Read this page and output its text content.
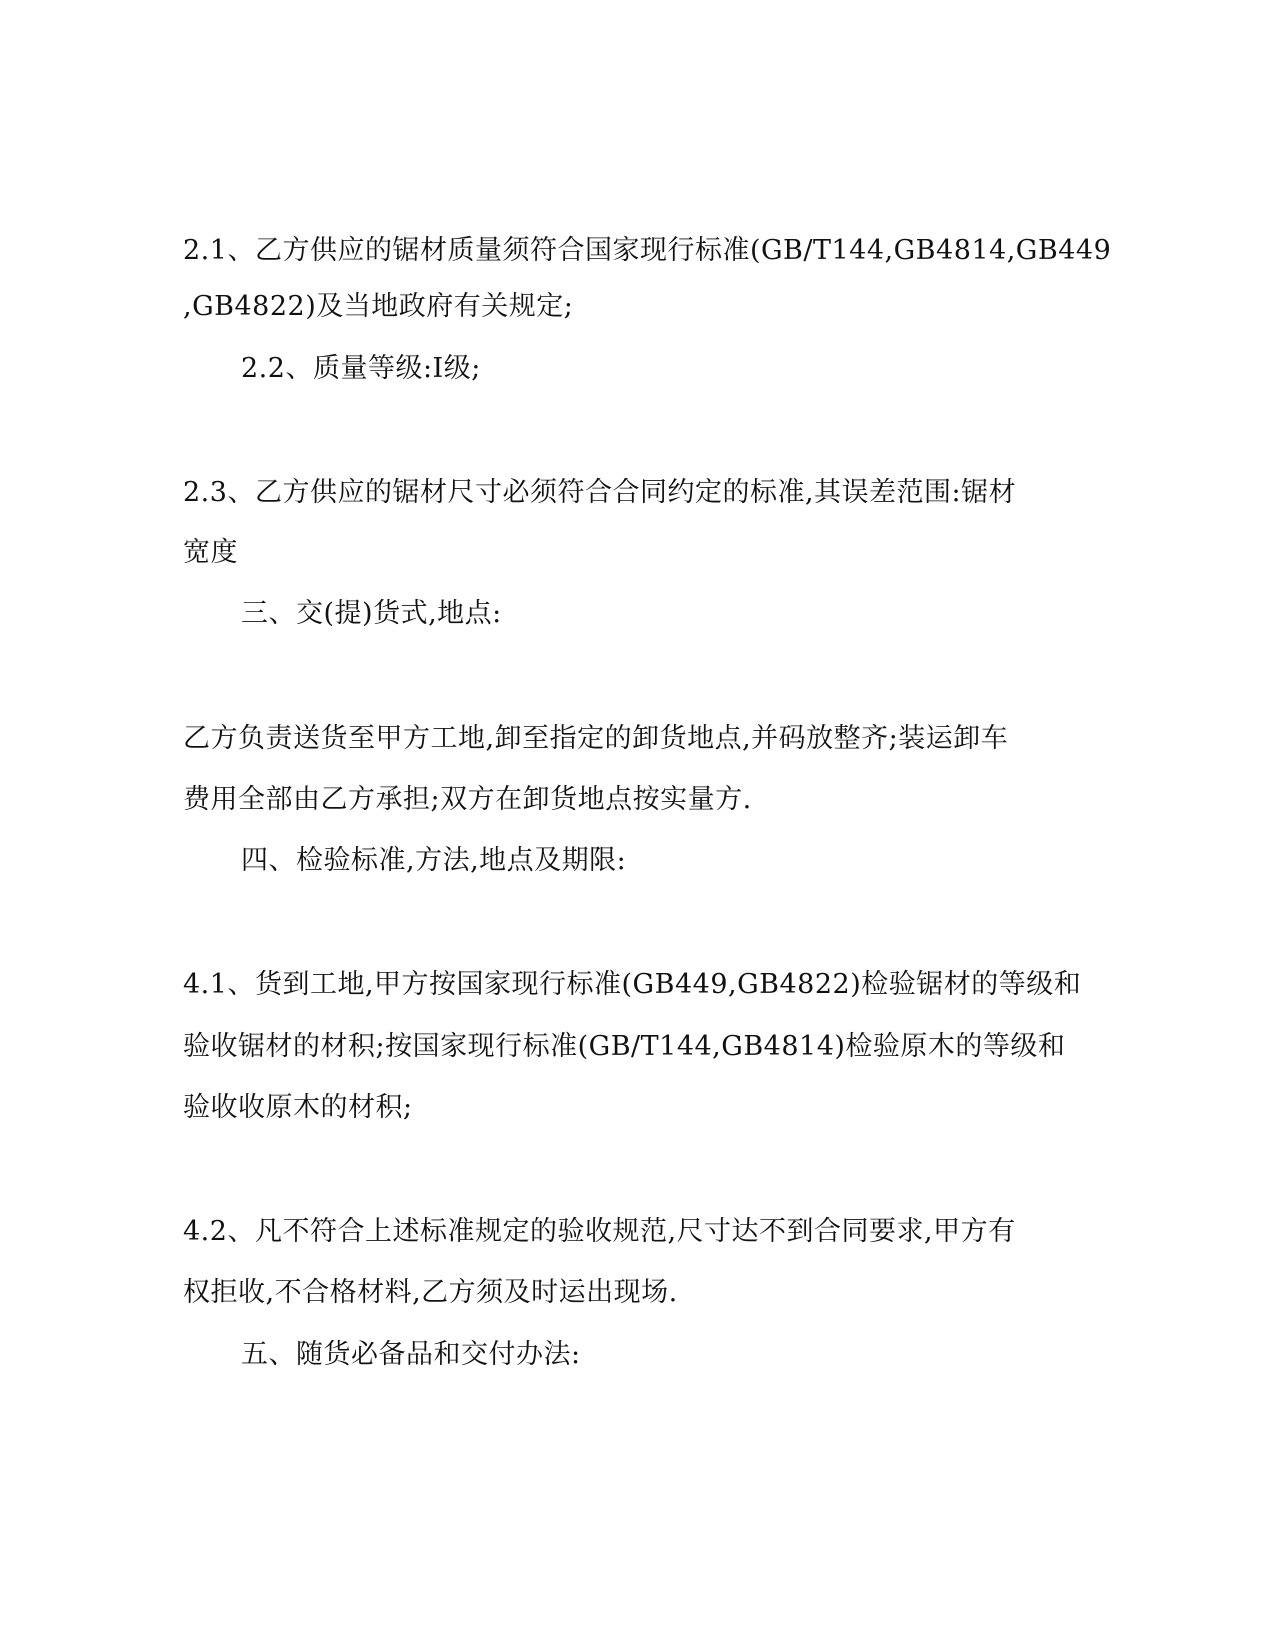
2.1、乙方供应的锯材质量须符合国家现行标准(GB/T144,GB4814,GB449
,GB4822)及当地政府有关规定;
2.2、质量等级:Ⅰ级;
2.3、乙方供应的锯材尺寸必须符合合同约定的标准,其误差范围:锯材
宽度
三、交(提)货式,地点:
乙方负责送货至甲方工地,卸至指定的卸货地点,并码放整齐;装运卸车
费用全部由乙方承担;双方在卸货地点按实量方.
四、检验标准,方法,地点及期限:
4.1、货到工地,甲方按国家现行标准(GB449,GB4822)检验锯材的等级和
验收锯材的材积;按国家现行标准(GB/T144,GB4814)检验原木的等级和
验收收原木的材积;
4.2、凡不符合上述标准规定的验收规范,尺寸达不到合同要求,甲方有
权拒收,不合格材料,乙方须及时运出现场.
五、随货必备品和交付办法:
